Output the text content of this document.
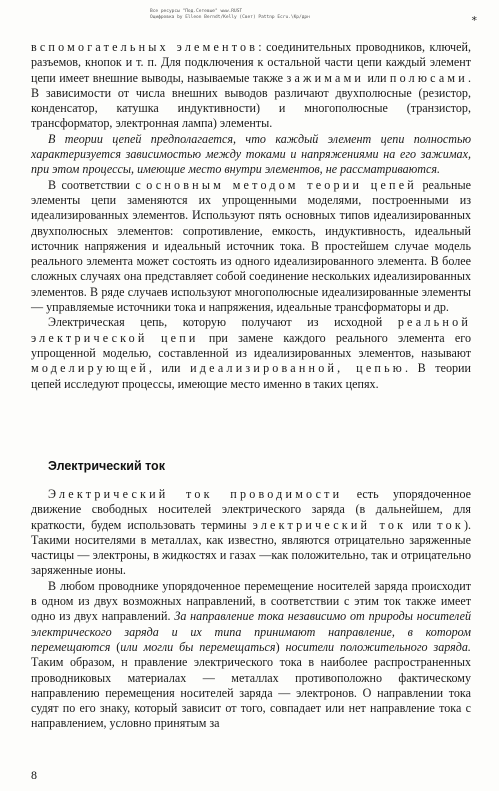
Все ресурсы "Под.Сетевые" www.RUST
Оцифровка by Elleon Berndt/Kelly (Свет) Pattnp Ecru.\Кр/дрн	*

вспомогательных элементов: соединительных проводников, ключей, разъемов, кнопок и т. п. Для подключения к остальной части цепи каждый элемент цепи имеет внешние выводы, называемые также зажимами или полюсами. В зависимости от числа внешних выводов различают двухполюсные (резистор, конденсатор, катушка индуктивности) и многополюсные (транзистор, трансформатор, электронная лампа) элементы.

В теории цепей предполагается, что каждый элемент цепи полностью характеризуется зависимостью между токами и напряжениями на его зажимах, при этом процессы, имеющие место внутри элементов, не рассматриваются.

В соответствии с основным методом теории цепей реальные элементы цепи заменяются их упрощенными моделями, построенными из идеализированных элементов. Используют пять основных типов идеализированных двухполюсных элементов: сопротивление, емкость, индуктивность, идеальный источник напряжения и идеальный источник тока. В простейшем случае модель реального элемента может состоять из одного идеализированного элемента. В более сложных случаях она представляет собой соединение нескольких идеализированных элементов. В ряде случаев используют многополюсные идеализированные элементы — управляемые источники тока и напряжения, идеальные трансформаторы и др.

Электрическая цепь, которую получают из исходной реальной электрической цепи при замене каждого реального элемента его упрощенной моделью, составленной из идеализированных элементов, называют моделирующей, или идеализированной, цепью. В теории цепей исследуют процессы, имеющие место именно в таких цепях.

Электрический ток

Электрический ток проводимости есть упорядоченное движение свободных носителей электрического заряда (в дальнейшем, для краткости, будем использовать термины электрический ток или ток). Такими носителями в металлах, как известно, являются отрицательно заряженные частицы — электроны, в жидкостях и газах —как положительно, так и отрицательно заряженные ионы.

В любом проводнике упорядоченное перемещение носителей заряда происходит в одном из двух возможных направлений, в соответствии с этим ток также имеет одно из двух направлений. За направление тока независимо от природы носителей электрического заряда и их типа принимают направление, в котором перемещаются (или могли бы перемещаться) носители положительного заряда. Таким образом, н правление электрического тока в наиболее распространенных проводниковых материалах — металлах противоположно фактическому направлению перемещения носителей заряда — электронов. О направлении тока судят по его знаку, который зависит от того, совпадает или нет направление тока с направлением, условно принятым за

8
